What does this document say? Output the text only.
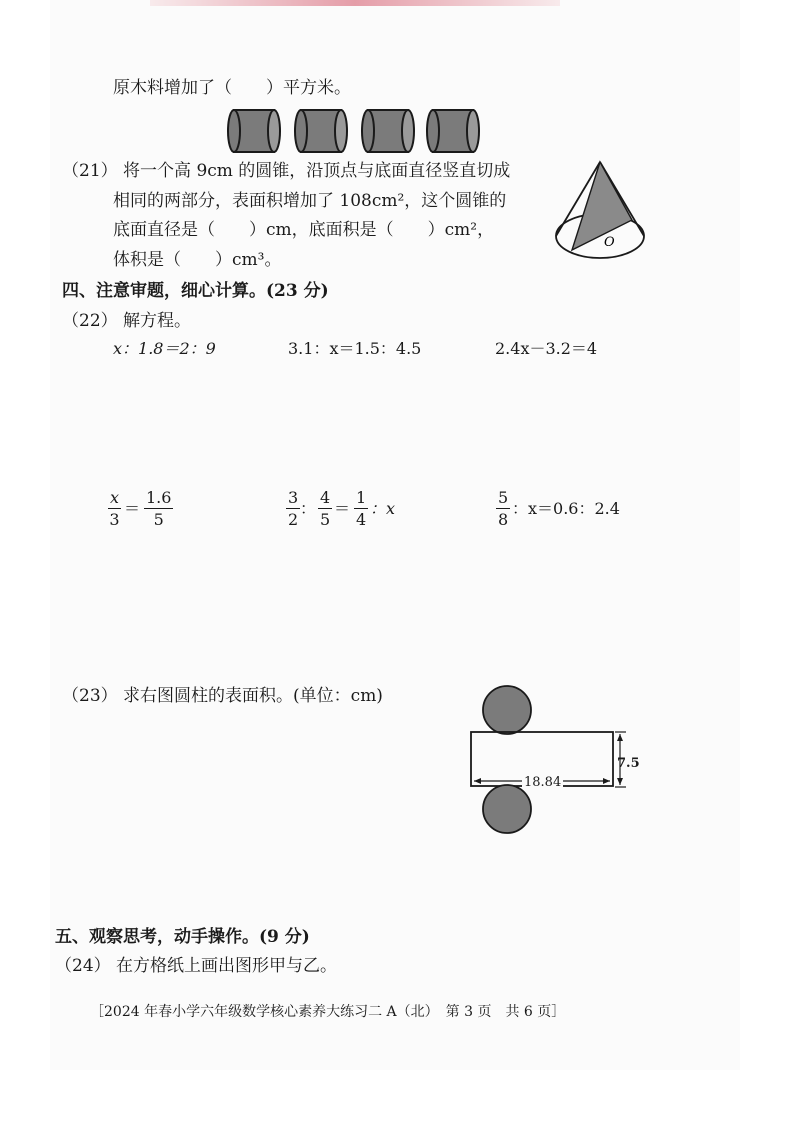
原木料增加了（　　）平方米。
（21） 将一个高 9cm 的圆锥，沿顶点与底面直径竖直切成
相同的两部分，表面积增加了 108cm²，这个圆锥的
底面直径是（　　）cm，底面积是（　　）cm²，
体积是（　　）cm³。
O
四、注意审题，细心计算。(23 分)
（22） 解方程。
x：1.8＝2：9	3.1：x＝1.5：4.5	2.4x－3.2＝4
$\frac{x}{3} = \frac{1.6}{5}$	$\frac{3}{2}$ ： $\frac{4}{5} = \frac{1}{4}$ ：x	$\frac{5}{8}$ ：x＝0.6：2.4
（23） 求右图圆柱的表面积。(单位：cm)
7.5
18.84
五、观察思考，动手操作。(9 分)
（24） 在方格纸上画出图形甲与乙。
［2024 年春小学六年级数学核心素养大练习二 A（北）　第 3 页　共 6 页］
